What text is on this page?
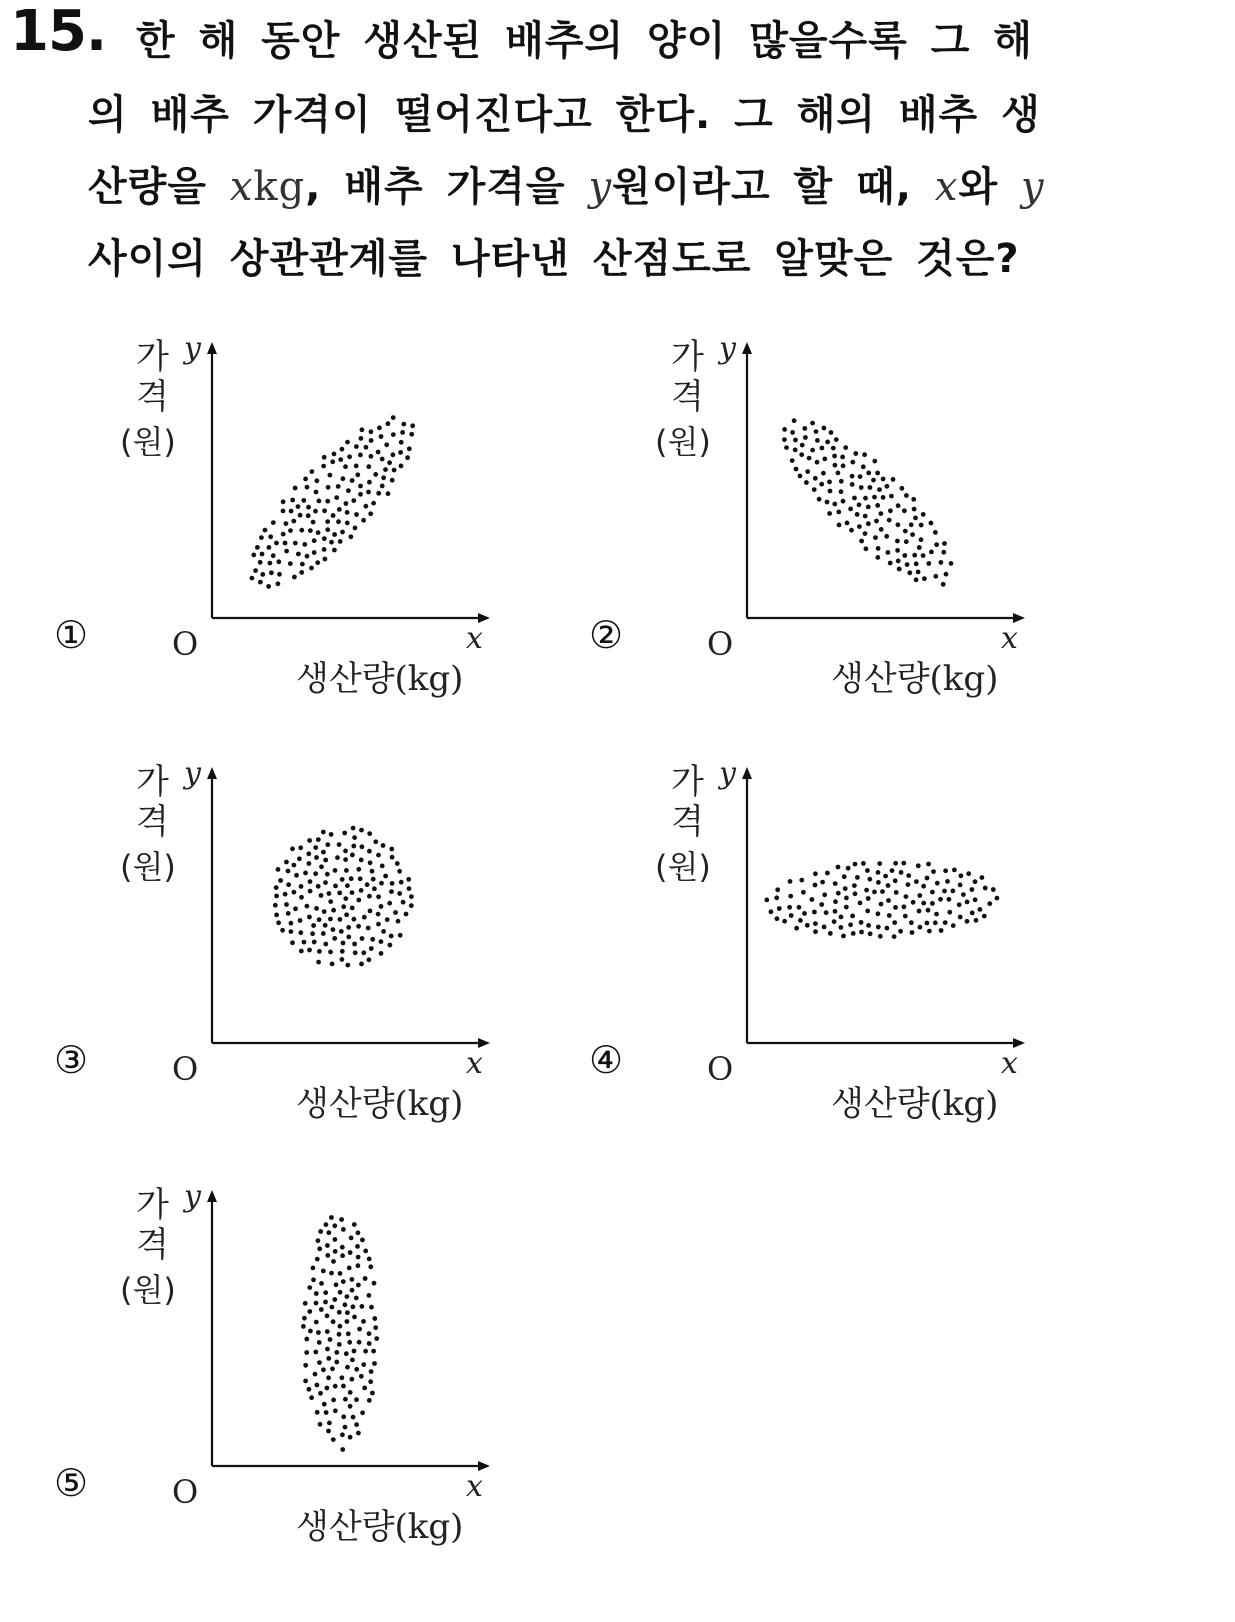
15. 한 해 동안 생산된 배추의 양이 많을수록 그 해
의 배추 가격이 떨어진다고 한다. 그 해의 배추 생
산량을 xkg, 배추 가격을 y원이라고 할 때, x와 y
사이의 상관관계를 나타낸 산점도로 알맞은 것은?
①
가
격
(원)
y
O	x
생산량(kg)
②
가
격
(원)
y
O	x
생산량(kg)
③
가
격
(원)
y
O	x
생산량(kg)
④
가
격
(원)
y
O	x
생산량(kg)
⑤
가
격
(원)
y
O	x
생산량(kg)
